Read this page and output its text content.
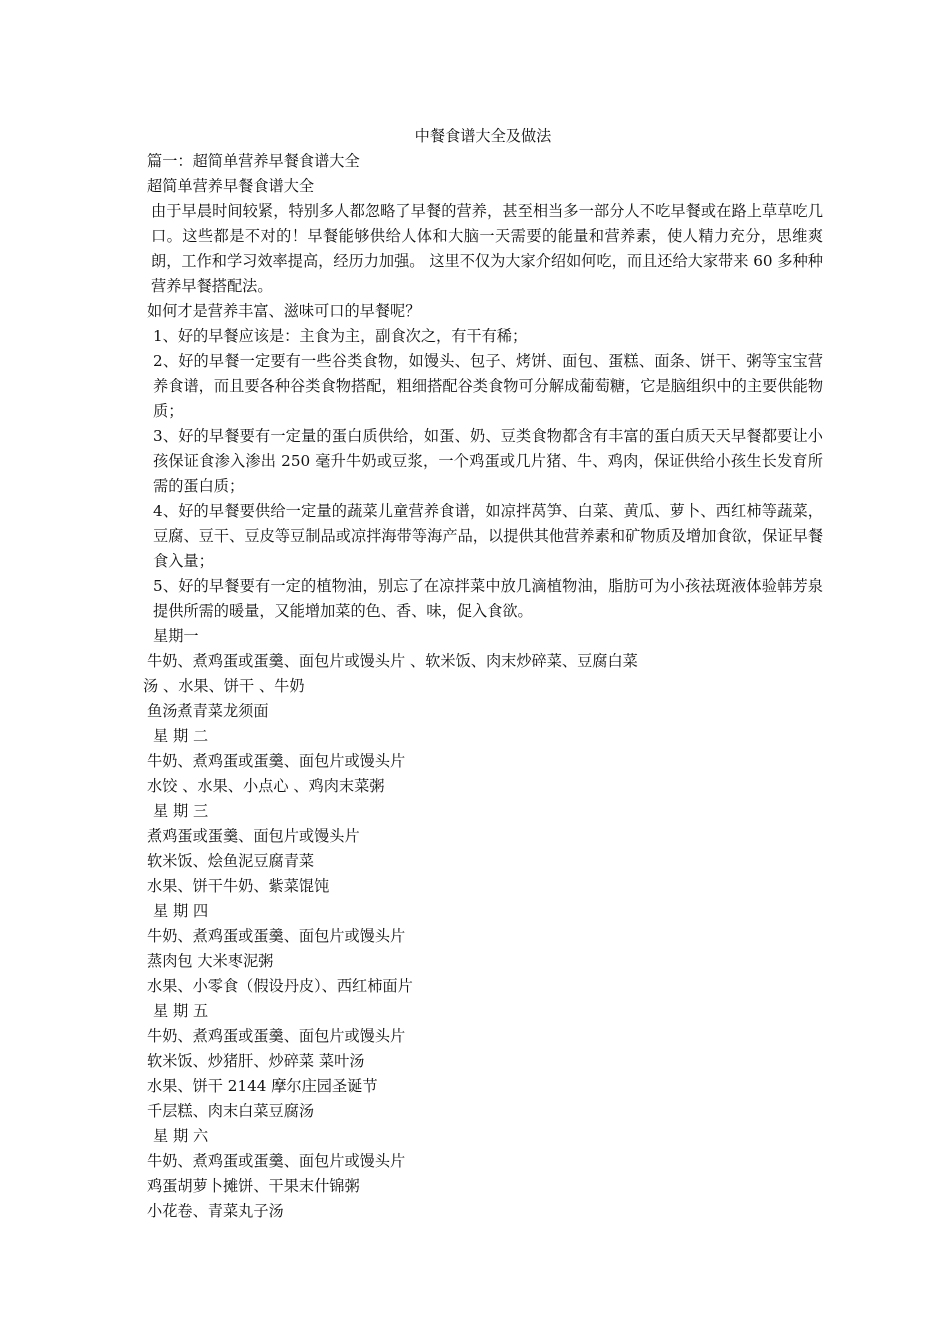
中餐食谱大全及做法

篇一：超简单营养早餐食谱大全

超简单营养早餐食谱大全

由于早晨时间较紧，特别多人都忽略了早餐的营养，甚至相当多一部分人不吃早餐或在路上草草吃几口。这些都是不对的！早餐能够供给人体和大脑一天需要的能量和营养素，使人精力充分，思维爽朗，工作和学习效率提高，经历力加强。 这里不仅为大家介绍如何吃，而且还给大家带来 60 多种种营养早餐搭配法。

如何才是营养丰富、滋味可口的早餐呢？

1、好的早餐应该是：主食为主，副食次之，有干有稀；

2、好的早餐一定要有一些谷类食物，如馒头、包子、烤饼、面包、蛋糕、面条、饼干、粥等宝宝营养食谱，而且要各种谷类食物搭配，粗细搭配谷类食物可分解成葡萄糖，它是脑组织中的主要供能物质；

3、好的早餐要有一定量的蛋白质供给，如蛋、奶、豆类食物都含有丰富的蛋白质天天早餐都要让小孩保证食渗入渗出 250 毫升牛奶或豆浆，一个鸡蛋或几片猪、牛、鸡肉，保证供给小孩生长发育所需的蛋白质；

4、好的早餐要供给一定量的蔬菜儿童营养食谱，如凉拌莴笋、白菜、黄瓜、萝卜、西红柿等蔬菜，豆腐、豆干、豆皮等豆制品或凉拌海带等海产品，以提供其他营养素和矿物质及增加食欲，保证早餐食入量；

5、好的早餐要有一定的植物油，别忘了在凉拌菜中放几滴植物油，脂肪可为小孩祛斑液体验韩芳泉提供所需的暖量，又能增加菜的色、香、味，促入食欲。

星期一

牛奶、煮鸡蛋或蛋羹、面包片或馒头片 、软米饭、肉末炒碎菜、豆腐白菜

汤 、水果、饼干 、牛奶

鱼汤煮青菜龙须面

星 期 二

牛奶、煮鸡蛋或蛋羹、面包片或馒头片

水饺 、水果、小点心 、鸡肉末菜粥

星 期 三

煮鸡蛋或蛋羹、面包片或馒头片

软米饭、烩鱼泥豆腐青菜

水果、饼干牛奶、紫菜馄饨

星 期 四

牛奶、煮鸡蛋或蛋羹、面包片或馒头片

蒸肉包 大米枣泥粥

水果、小零食（假设丹皮）、西红柿面片

星 期 五

牛奶、煮鸡蛋或蛋羹、面包片或馒头片

软米饭、炒猪肝、炒碎菜 菜叶汤

水果、饼干 2144 摩尔庄园圣诞节

千层糕、肉末白菜豆腐汤

星 期 六

牛奶、煮鸡蛋或蛋羹、面包片或馒头片

鸡蛋胡萝卜摊饼、干果末什锦粥

小花卷、青菜丸子汤
